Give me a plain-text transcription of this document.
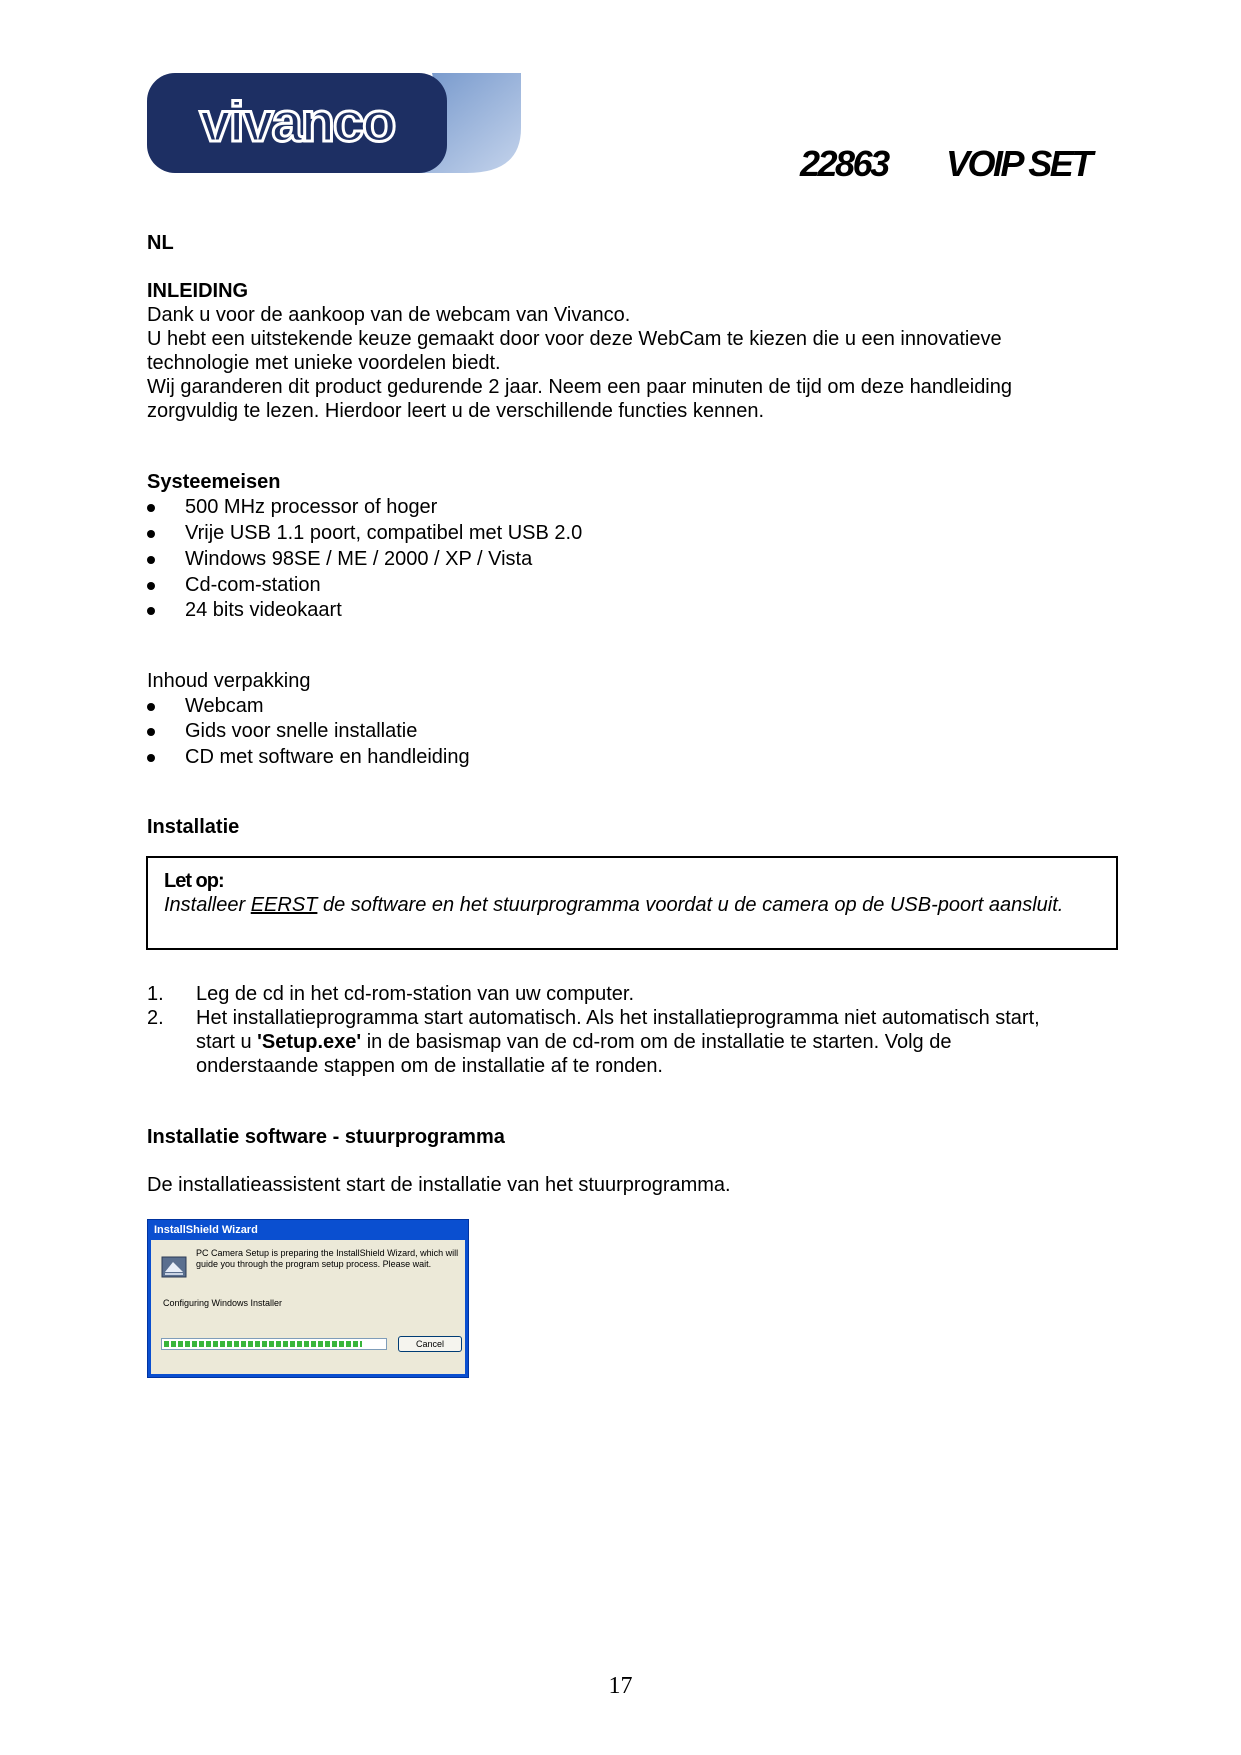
vivanco
22863 VOIP SET
NL
INLEIDING
Dank u voor de aankoop van de webcam van Vivanco.
U hebt een uitstekende keuze gemaakt door voor deze WebCam te kiezen die u een innovatieve
technologie met unieke voordelen biedt.
Wij garanderen dit product gedurende 2 jaar. Neem een paar minuten de tijd om deze handleiding
zorgvuldig te lezen. Hierdoor leert u de verschillende functies kennen.
Systeemeisen
500 MHz processor of hoger
Vrije USB 1.1 poort, compatibel met USB 2.0
Windows 98SE / ME / 2000 / XP / Vista
Cd-com-station
24 bits videokaart
Inhoud verpakking
Webcam
Gids voor snelle installatie
CD met software en handleiding
Installatie
Let op:
Installeer EERST de software en het stuurprogramma voordat u de camera op de USB-poort aansluit.
1. Leg de cd in het cd-rom-station van uw computer.
2. Het installatieprogramma start automatisch. Als het installatieprogramma niet automatisch start,
start u 'Setup.exe' in de basismap van de cd-rom om de installatie te starten. Volg de
onderstaande stappen om de installatie af te ronden.
Installatie software - stuurprogramma
De installatieassistent start de installatie van het stuurprogramma.
InstallShield Wizard
PC Camera Setup is preparing the InstallShield Wizard, which will
guide you through the program setup process. Please wait.
Configuring Windows Installer
Cancel
17
